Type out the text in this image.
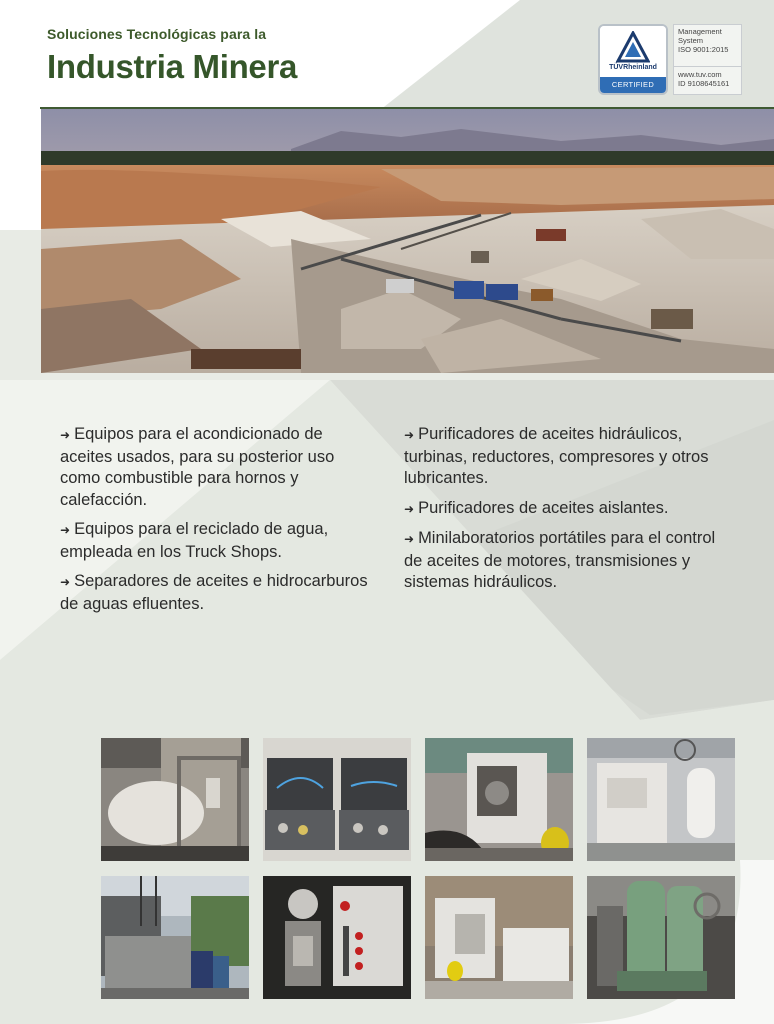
Soluciones Tecnológicas para la
Industria Minera	TÜVRheinland
CERTIFIED
Management
System
ISO 9001:2015
www.tuv.com
ID 9108645161

➜ Equipos para el acondicionado de aceites usados, para su posterior uso como combustible para hornos y calefacción.

➜ Equipos para el reciclado de agua, empleada en los Truck Shops.

➜ Separadores de aceites e hidrocarburos de aguas efluentes.

➜ Purificadores de aceites hidráulicos, turbinas, reductores, compresores y otros lubricantes.

➜ Purificadores de aceites aislantes.

➜ Minilaboratorios portátiles para el control de aceites de motores, transmisiones y sistemas hidráulicos.
